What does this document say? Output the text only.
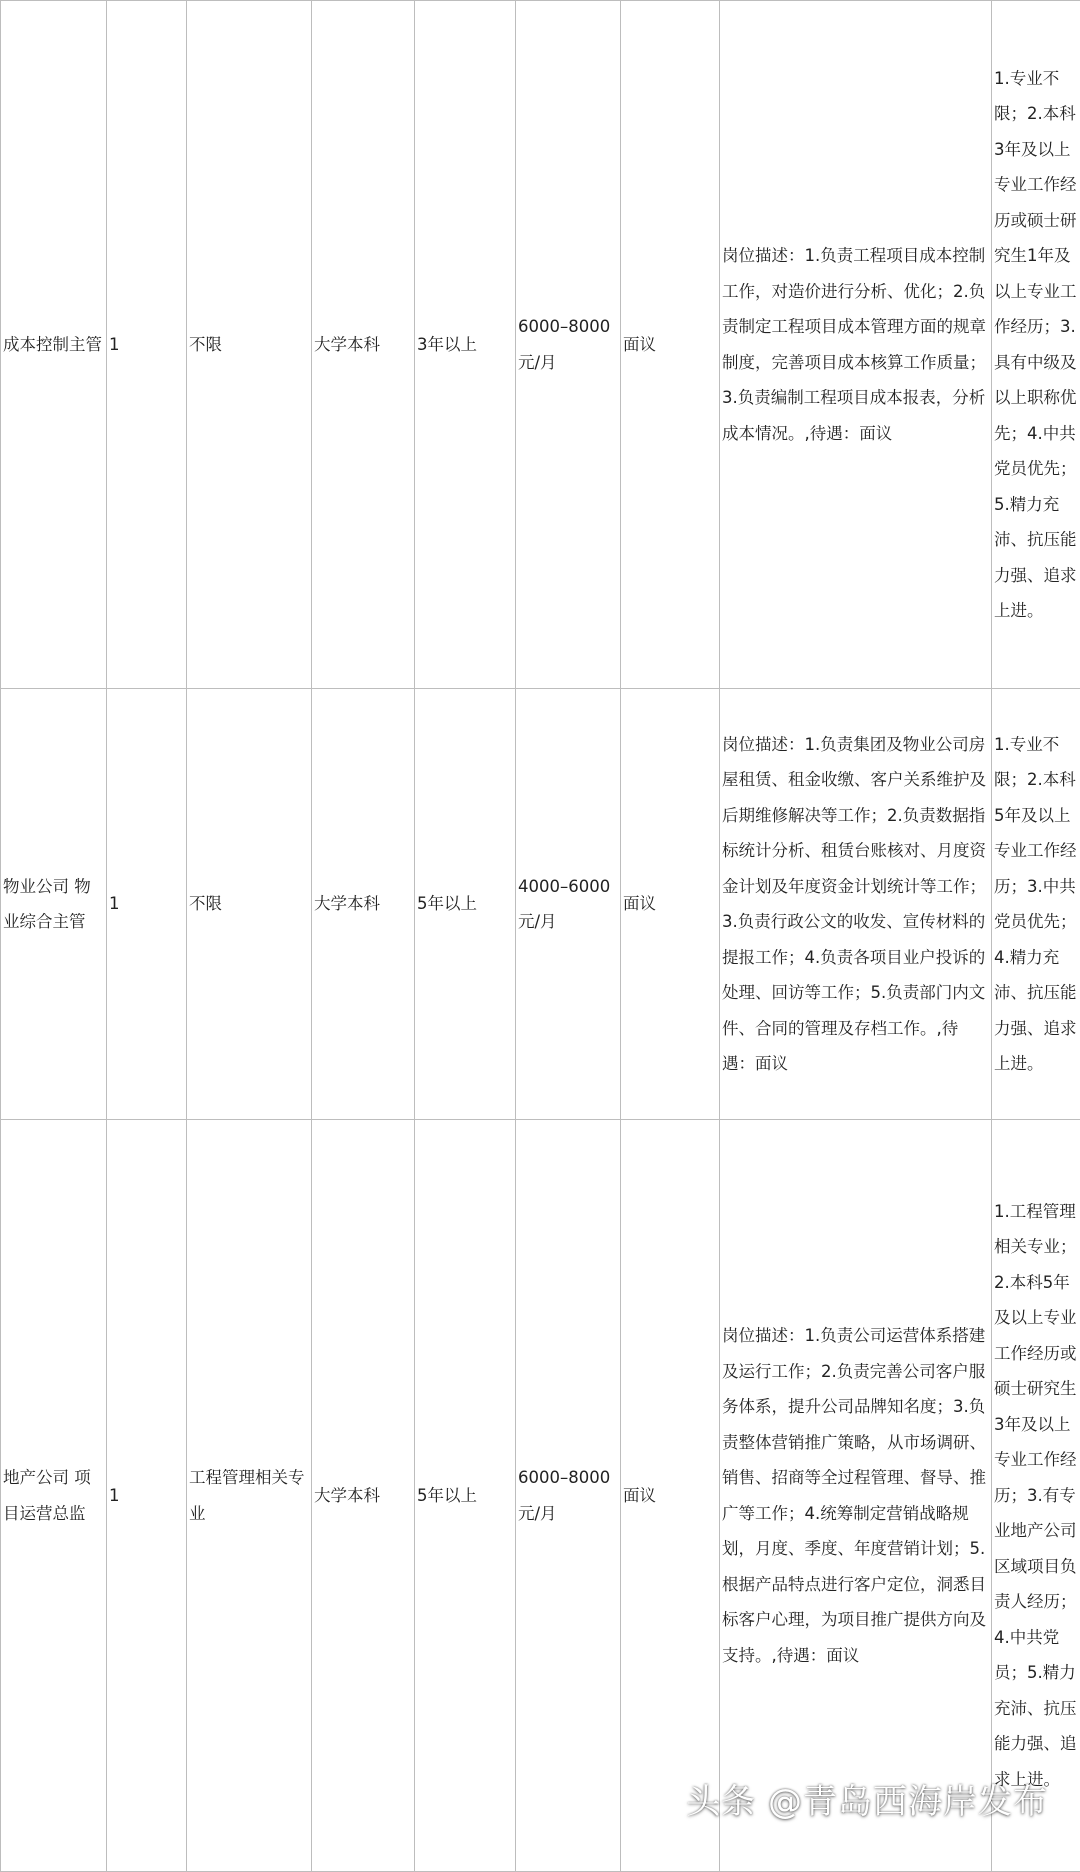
成本控制主管	1	不限	大学本科	3年以上	6000–8000元/月	面议	岗位描述：1.负责工程项目成本控制工作，对造价进行分析、优化；2.负责制定工程项目成本管理方面的规章制度，完善项目成本核算工作质量；3.负责编制工程项目成本报表，分析成本情况。,待遇：面议	1.专业不限；2.本科3年及以上专业工作经历或硕士研究生1年及以上专业工作经历；3.具有中级及以上职称优先；4.中共党员优先；5.精力充沛、抗压能力强、追求上进。
物业公司 物业综合主管	1	不限	大学本科	5年以上	4000–6000元/月	面议	岗位描述：1.负责集团及物业公司房屋租赁、租金收缴、客户关系维护及后期维修解决等工作；2.负责数据指标统计分析、租赁台账核对、月度资金计划及年度资金计划统计等工作；3.负责行政公文的收发、宣传材料的提报工作；4.负责各项目业户投诉的处理、回访等工作；5.负责部门内文件、合同的管理及存档工作。,待遇：面议	1.专业不限；2.本科5年及以上专业工作经历；3.中共党员优先；4.精力充沛、抗压能力强、追求上进。
地产公司 项目运营总监	1	工程管理相关专业	大学本科	5年以上	6000–8000元/月	面议	岗位描述：1.负责公司运营体系搭建及运行工作；2.负责完善公司客户服务体系，提升公司品牌知名度；3.负责整体营销推广策略，从市场调研、销售、招商等全过程管理、督导、推广等工作；4.统筹制定营销战略规划，月度、季度、年度营销计划；5.根据产品特点进行客户定位，洞悉目标客户心理，为项目推广提供方向及支持。,待遇：面议	1.工程管理相关专业；2.本科5年及以上专业工作经历或硕士研究生3年及以上专业工作经历；3.有专业地产公司区域项目负责人经历；4.中共党员；5.精力充沛、抗压能力强、追求上进。
头条 @青岛西海岸发布
